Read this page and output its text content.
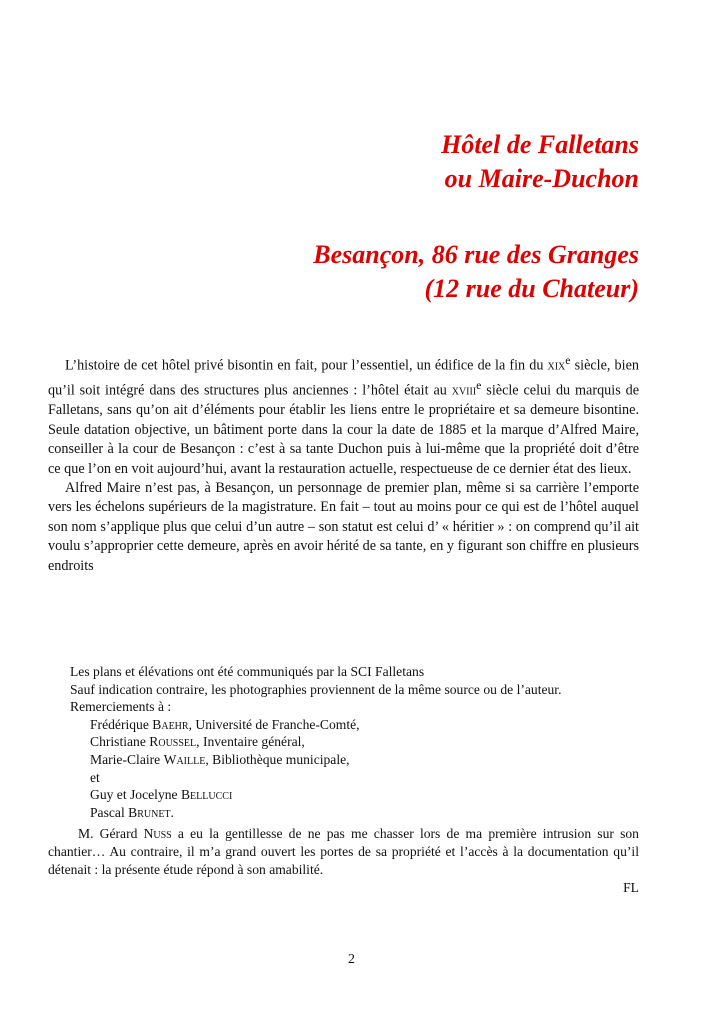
Hôtel de Falletans
ou Maire-Duchon
Besançon, 86 rue des Granges
(12 rue du Chateur)

L’histoire de cet hôtel privé bisontin en fait, pour l’essentiel, un édifice de la fin du xix$^e$ siècle, bien qu’il soit intégré dans des structures plus anciennes : l’hôtel était au xviii$^e$ siècle celui du marquis de Falletans, sans qu’on ait d’éléments pour établir les liens entre le propriétaire et sa demeure bisontine. Seule datation objective, un bâtiment porte dans la cour la date de 1885 et la marque d’Alfred Maire, conseiller à la cour de Besançon : c’est à sa tante Duchon puis à lui-même que la propriété doit d’être ce que l’on en voit aujourd’hui, avant la restauration actuelle, respectueuse de ce dernier état des lieux.

Alfred Maire n’est pas, à Besançon, un personnage de premier plan, même si sa carrière l’emporte vers les échelons supérieurs de la magistrature. En fait – tout au moins pour ce qui est de l’hôtel auquel son nom s’applique plus que celui d’un autre – son statut est celui d’ « héritier » : on comprend qu’il ait voulu s’approprier cette demeure, après en avoir hérité de sa tante, en y figurant son chiffre en plusieurs endroits

Les plans et élévations ont été communiqués par la SCI Falletans
Sauf indication contraire, les photographies proviennent de la même source ou de l’auteur.
Remerciements à :
Frédérique Baehr, Université de Franche-Comté,
Christiane Roussel, Inventaire général,
Marie-Claire Waille, Bibliothèque municipale,
et
Guy et Jocelyne Bellucci
Pascal Brunet.

M. Gérard Nuss a eu la gentillesse de ne pas me chasser lors de ma première intrusion sur son chantier… Au contraire, il m’a grand ouvert les portes de sa propriété et l’accès à la documentation qu’il détenait : la présente étude répond à son amabilité.

FL
2
